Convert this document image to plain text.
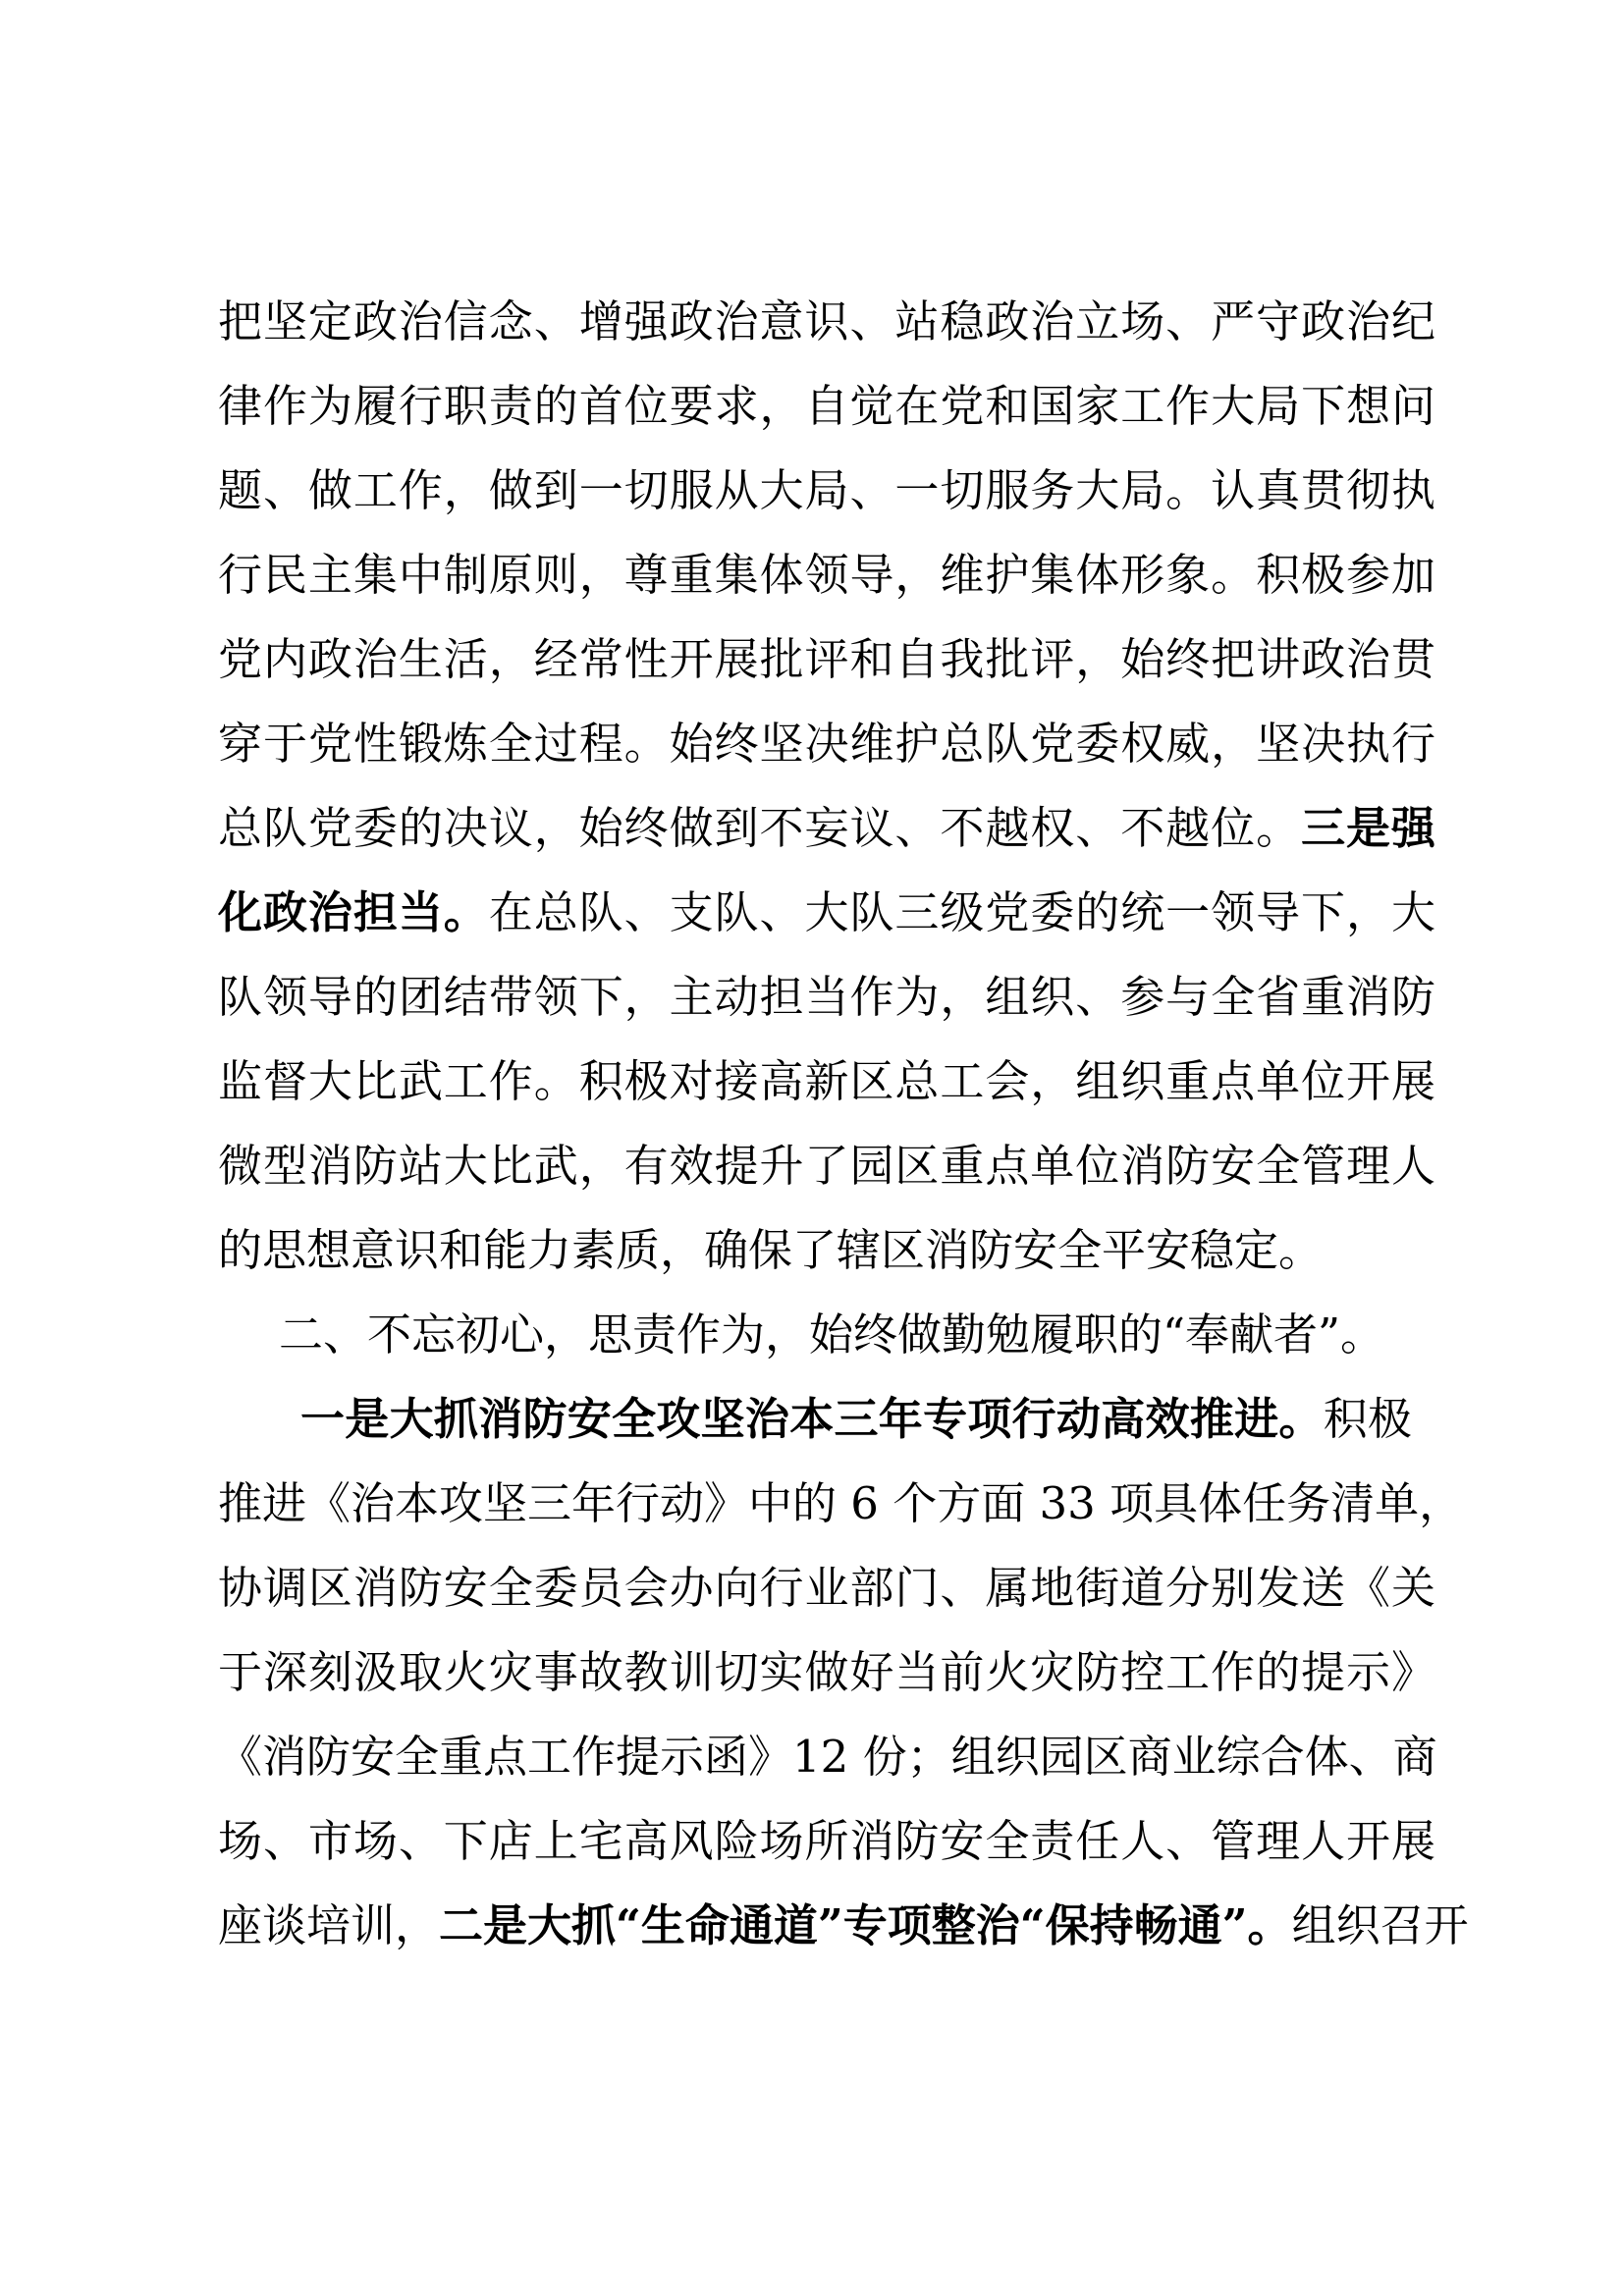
把坚定政治信念、增强政治意识、站稳政治立场、严守政治纪
律作为履行职责的首位要求，自觉在党和国家工作大局下想问
题、做工作，做到一切服从大局、一切服务大局。认真贯彻执
行民主集中制原则，尊重集体领导，维护集体形象。积极参加
党内政治生活，经常性开展批评和自我批评，始终把讲政治贯
穿于党性锻炼全过程。始终坚决维护总队党委权威，坚决执行
总队党委的决议，始终做到不妄议、不越权、不越位。三是强
化政治担当。在总队、支队、大队三级党委的统一领导下，大
队领导的团结带领下，主动担当作为，组织、参与全省重消防
监督大比武工作。积极对接高新区总工会，组织重点单位开展
微型消防站大比武，有效提升了园区重点单位消防安全管理人
的思想意识和能力素质，确保了辖区消防安全平安稳定。
二、不忘初心，思责作为，始终做勤勉履职的“奉献者”。
一是大抓消防安全攻坚治本三年专项行动高效推进。积极
推进《治本攻坚三年行动》中的 6 个方面 33 项具体任务清单，
协调区消防安全委员会办向行业部门、属地街道分别发送《关
于深刻汲取火灾事故教训切实做好当前火灾防控工作的提示》
《消防安全重点工作提示函》12 份；组织园区商业综合体、商
场、市场、下店上宅高风险场所消防安全责任人、管理人开展
座谈培训，二是大抓“生命通道”专项整治“保持畅通”。组织召开
